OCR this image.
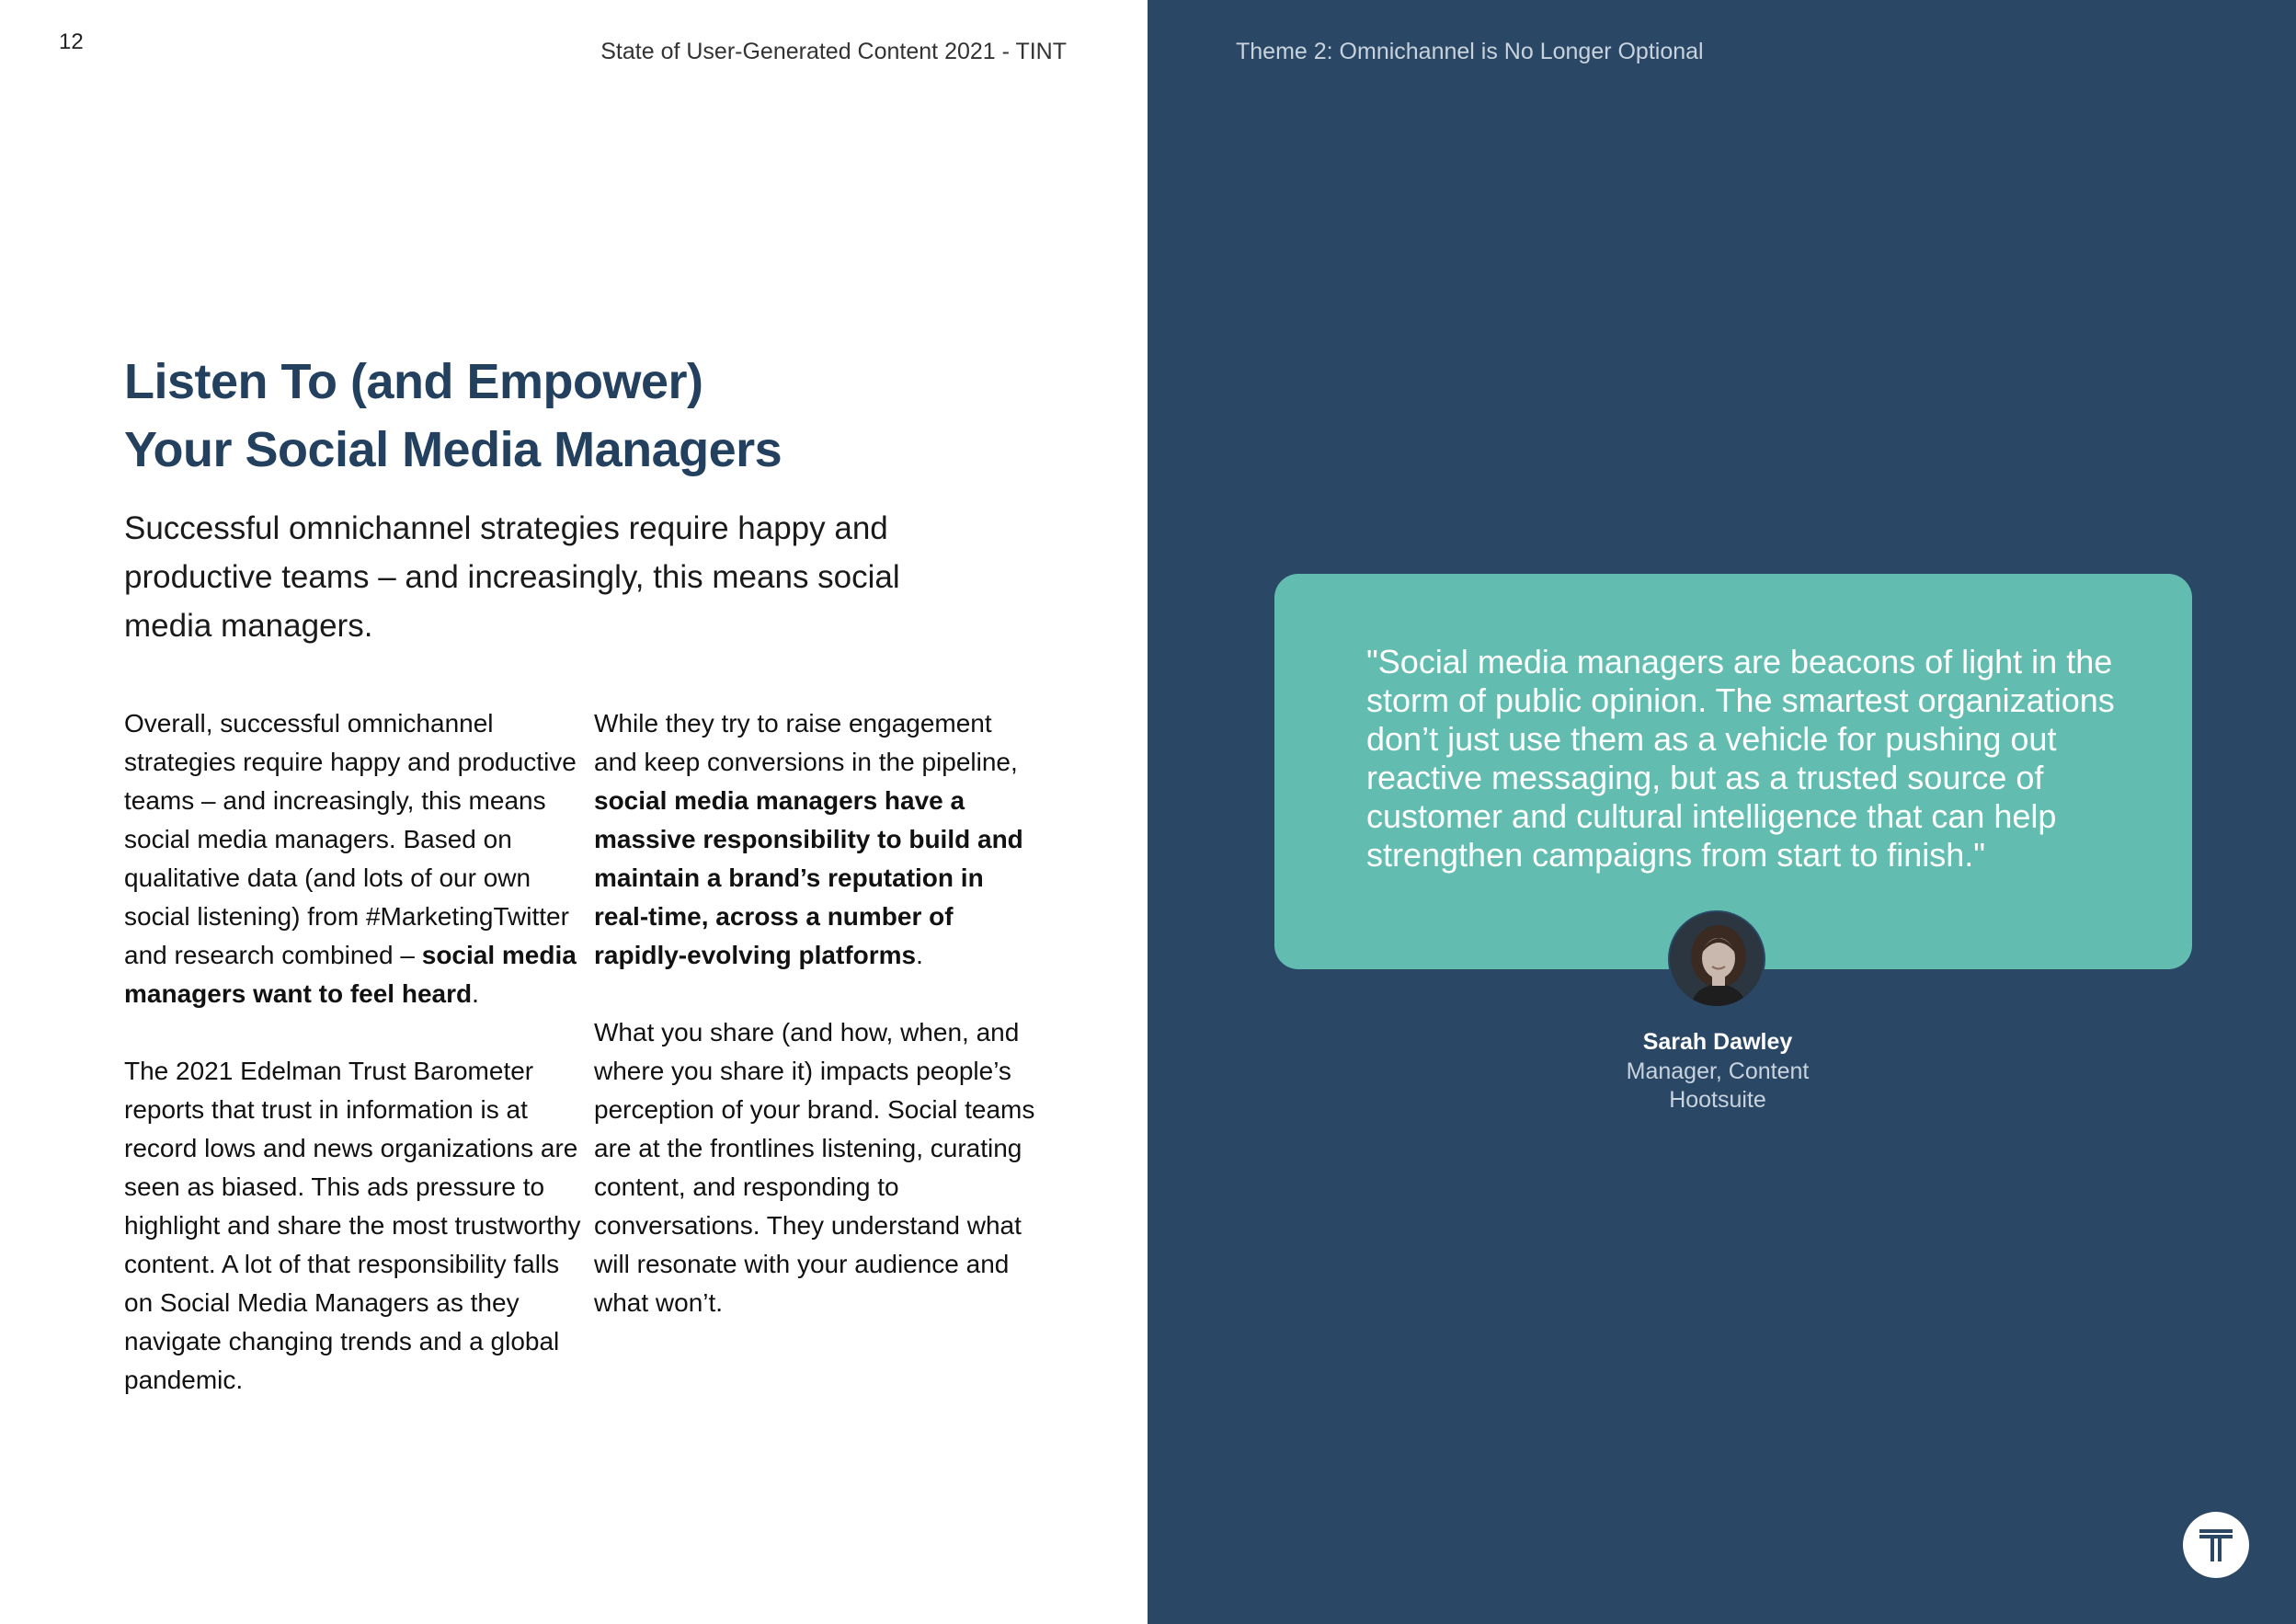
12	State of User-Generated Content 2021 - TINT
Listen To (and Empower)
Your Social Media Managers
Successful omnichannel strategies require happy and productive teams – and increasingly, this means social media managers.

Overall, successful omnichannel strategies require happy and productive teams – and increasingly, this means social media managers. Based on qualitative data (and lots of our own social listening) from #MarketingTwitter and research combined – social media managers want to feel heard.

The 2021 Edelman Trust Barometer reports that trust in information is at record lows and news organizations are seen as biased. This ads pressure to highlight and share the most trustworthy content. A lot of that responsibility falls on Social Media Managers as they navigate changing trends and a global pandemic.

While they try to raise engagement and keep conversions in the pipeline, social media managers have a massive responsibility to build and maintain a brand’s reputation in real-time, across a number of rapidly-evolving platforms.

What you share (and how, when, and where you share it) impacts people’s perception of your brand. Social teams are at the frontlines listening, curating content, and responding to conversations. They understand what will resonate with your audience and what won’t.

Theme 2: Omnichannel is No Longer Optional
"Social media managers are beacons of light in the storm of public opinion. The smartest organizations don’t just use them as a vehicle for pushing out reactive messaging, but as a trusted source of customer and cultural intelligence that can help strengthen campaigns from start to finish."
Sarah Dawley
Manager, Content
Hootsuite
